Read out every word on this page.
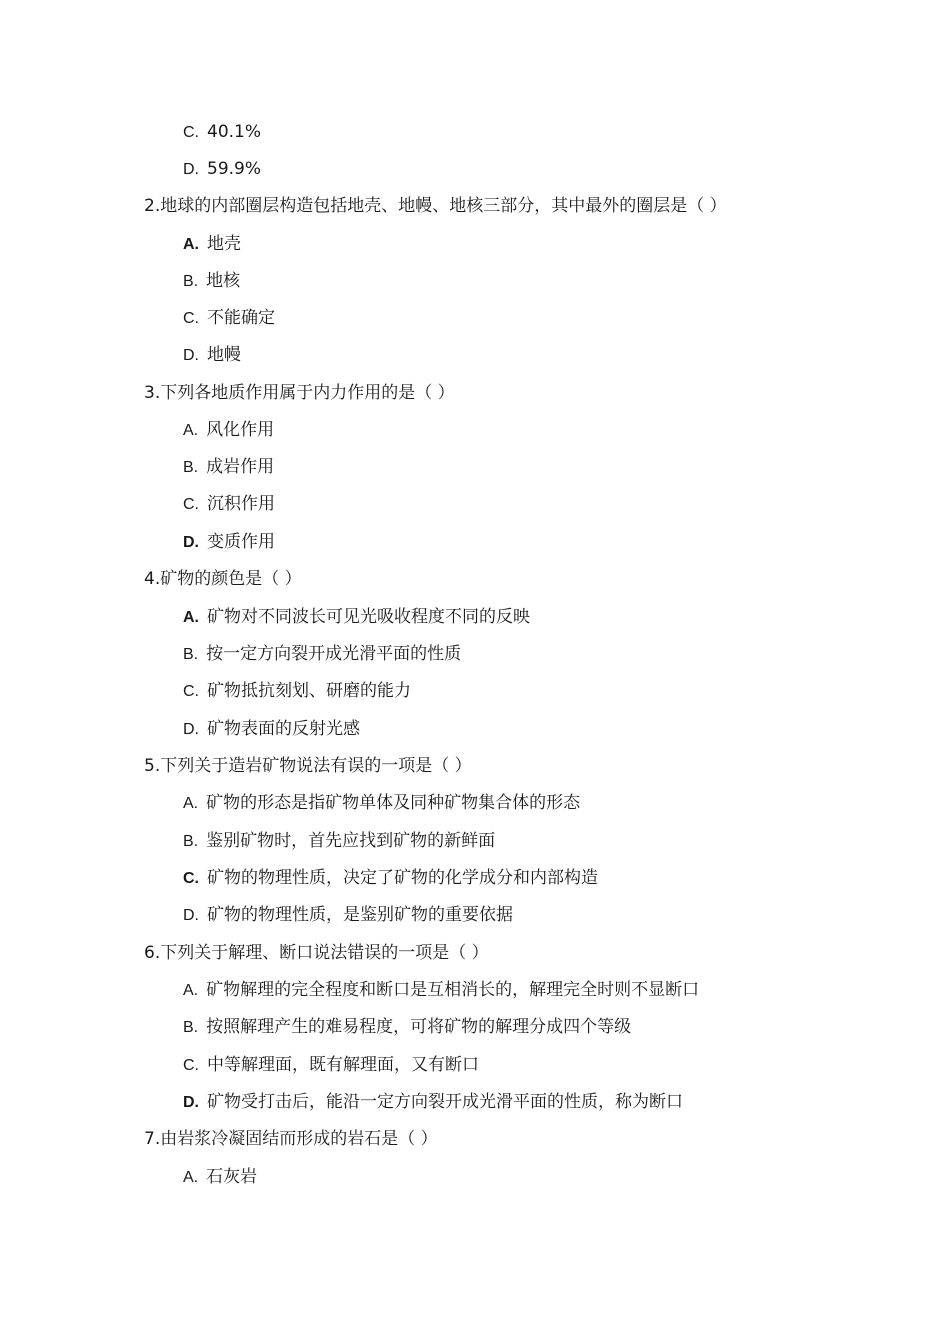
C. 40.1%
D. 59.9%
2.地球的内部圈层构造包括地壳、地幔、地核三部分，其中最外的圈层是（ ）
A. 地壳
B. 地核
C. 不能确定
D. 地幔
3.下列各地质作用属于内力作用的是（ ）
A. 风化作用
B. 成岩作用
C. 沉积作用
D. 变质作用
4.矿物的颜色是（ ）
A. 矿物对不同波长可见光吸收程度不同的反映
B. 按一定方向裂开成光滑平面的性质
C. 矿物抵抗刻划、研磨的能力
D. 矿物表面的反射光感
5.下列关于造岩矿物说法有误的一项是（ ）
A. 矿物的形态是指矿物单体及同种矿物集合体的形态
B. 鉴别矿物时，首先应找到矿物的新鲜面
C. 矿物的物理性质，决定了矿物的化学成分和内部构造
D. 矿物的物理性质，是鉴别矿物的重要依据
6.下列关于解理、断口说法错误的一项是（ ）
A. 矿物解理的完全程度和断口是互相消长的，解理完全时则不显断口
B. 按照解理产生的难易程度，可将矿物的解理分成四个等级
C. 中等解理面，既有解理面，又有断口
D. 矿物受打击后，能沿一定方向裂开成光滑平面的性质，称为断口
7.由岩浆冷凝固结而形成的岩石是（ ）
A. 石灰岩
